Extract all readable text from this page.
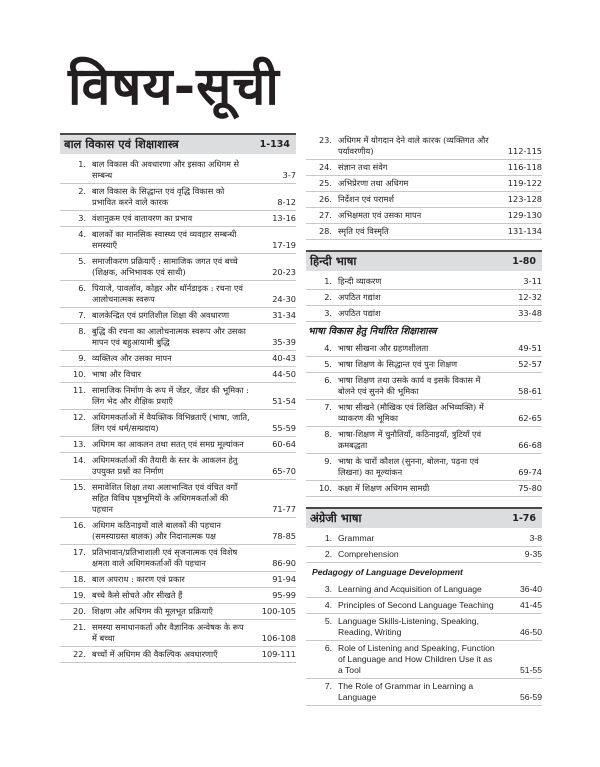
विषय-सूची
बाल विकास एवं शिक्षाशास्त्र	1-134
1. बाल विकास की अवधारणा और इसका अधिगम से सम्बन्ध	3-7
2. बाल विकास के सिद्धान्त एवं वृद्धि विकास को प्रभावित करने वाले कारक	8-12
3. वंशानुक्रम एवं वातावरण का प्रभाव	13-16
4. बालकों का मानसिक स्वास्थ्य एवं व्यवहार सम्बन्धी समस्याएँ	17-19
5. समाजीकरण प्रक्रियाएँ : सामाजिक जगत एवं बच्चे (शिक्षक, अभिभावक एवं साथी)	20-23
6. पियाजे, पावलॉव, कोह्लर और थॉर्नडाइक : रचना एवं आलोचनात्मक स्वरूप	24-30
7. बालकेन्द्रित एवं प्रगतिशील शिक्षा की अवधारणा	31-34
8. बुद्धि की रचना का आलोचनात्मक स्वरूप और उसका मापन एवं बहुआयामी बुद्धि	35-39
9. व्यक्तित्व और उसका मापन	40-43
10. भाषा और विचार	44-50
11. सामाजिक निर्माण के रूप में जेंडर, जेंडर की भूमिका : लिंग भेद और शैक्षिक प्रथाएँ	51-54
12. अधिगमकर्ताओं में वैयक्तिक विभिन्नताएँ (भाषा, जाति, लिंग एवं धर्म/सम्प्रदाय)	55-59
13. अधिगम का आकलन तथा सतत् एवं समग्र मूल्यांकन	60-64
14. अधिगमकर्ताओं की तैयारी के स्तर के आकलन हेतु उपयुक्त प्रश्नों का निर्माण	65-70
15. समावेशित शिक्षा तथा अलाभान्वित एवं वंचित वर्गों सहित विविध पृष्ठभूमियों के अधिगमकर्ताओं की पहचान	71-77
16. अधिगम कठिनाइयों वाले बालकों की पहचान (समस्याग्रस्त बालक) और निदानात्मक पक्ष	78-85
17. प्रतिभावान/प्रतिभाशाली एवं सृजनात्मक एवं विशेष क्षमता वाले अधिगमकर्ताओं की पहचान	86-90
18. बाल अपराध : कारण एवं प्रकार	91-94
19. बच्चे कैसे सोचते और सीखते हैं	95-99
20. शिक्षण और अधिगम की मूलभूत प्रक्रियाएँ	100-105
21. समस्या समाधानकर्ता और वैज्ञानिक अन्वेषक के रूप में बच्चा	106-108
22. बच्चों में अधिगम की वैकल्पिक अवधारणाएँ	109-111
23. अधिगम में योगदान देने वाले कारक (व्यक्तिगत और पर्यावरणीय)	112-115
24. संज्ञान तथा संवेग	116-118
25. अभिप्रेरणा तथा अधिगम	119-122
26. निर्देशन एवं परामर्श	123-128
27. अभिक्षमता एवं उसका मापन	129-130
28. स्मृति एवं विस्मृति	131-134
हिन्दी भाषा	1-80
1. हिन्दी व्याकरण	3-11
2. अपठित गद्यांश	12-32
3. अपठित पद्यांश	33-48
भाषा विकास हेतु निर्धारित शिक्षाशास्त्र
4. भाषा सीखना और ग्रहणशीलता	49-51
5. भाषा शिक्षण के सिद्धान्त एवं पुनः शिक्षण	52-57
6. भाषा शिक्षण तथा उसके कार्य व इसके विकास में बोलने एवं सुनने की भूमिका	58-61
7. भाषा सीखने (मौखिक एवं लिखित अभिव्यक्ति) में व्याकरण की भूमिका	62-65
8. भाषा-शिक्षण में चुनौतियाँ, कठिनाइयाँ, त्रुटियाँ एवं क्रमबद्धता	66-68
9. भाषा के चारों कौशल (सुनना, बोलना, पढ़ना एवं लिखना) का मूल्यांकन	69-74
10. कक्षा में शिक्षण अधिगम सामग्री	75-80
अंग्रेजी भाषा	1-76
1. Grammar	3-8
2. Comprehension	9-35
Pedagogy of Language Development
3. Learning and Acquisition of Language	36-40
4. Principles of Second Language Teaching	41-45
5. Language Skills-Listening, Speaking, Reading, Writing	46-50
6. Role of Listening and Speaking, Function of Language and How Children Use it as a Tool	51-55
7. The Role of Grammar in Learning a Language	56-59
